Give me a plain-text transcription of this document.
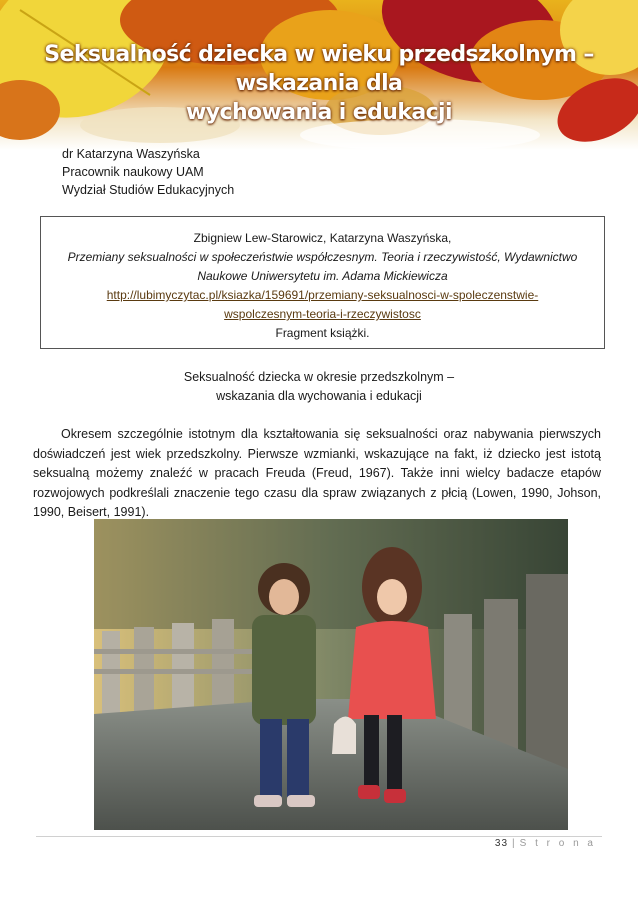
Seksualność dziecka w wieku przedszkolnym – wskazania dla
wychowania i edukacji
dr Katarzyna Waszyńska
Pracownik naukowy UAM
Wydział Studiów Edukacyjnych
Zbigniew Lew-Starowicz, Katarzyna Waszyńska,
Przemiany seksualności w społeczeństwie współczesnym. Teoria i rzeczywistość, Wydawnictwo
Naukowe Uniwersytetu im. Adama Mickiewicza
http://lubimyczytac.pl/ksiazka/159691/przemiany-seksualnosci-w-spoleczenstwie-
wspolczesnym-teoria-i-rzeczywistosc
Fragment książki.
Seksualność dziecka w okresie przedszkolnym –
wskazania dla wychowania i edukacji
Okresem szczególnie istotnym dla kształtowania się seksualności oraz nabywania pierwszych doświadczeń jest wiek przedszkolny. Pierwsze wzmianki, wskazujące na fakt, iż dziecko jest istotą seksualną możemy znaleźć w pracach Freuda (Freud, 1967). Także inni wielcy badacze etapów rozwojowych podkreślali znaczenie tego czasu dla spraw związanych z płcią (Lowen, 1990, Johson, 1990, Beisert, 1991).
33 | S t r o n a
